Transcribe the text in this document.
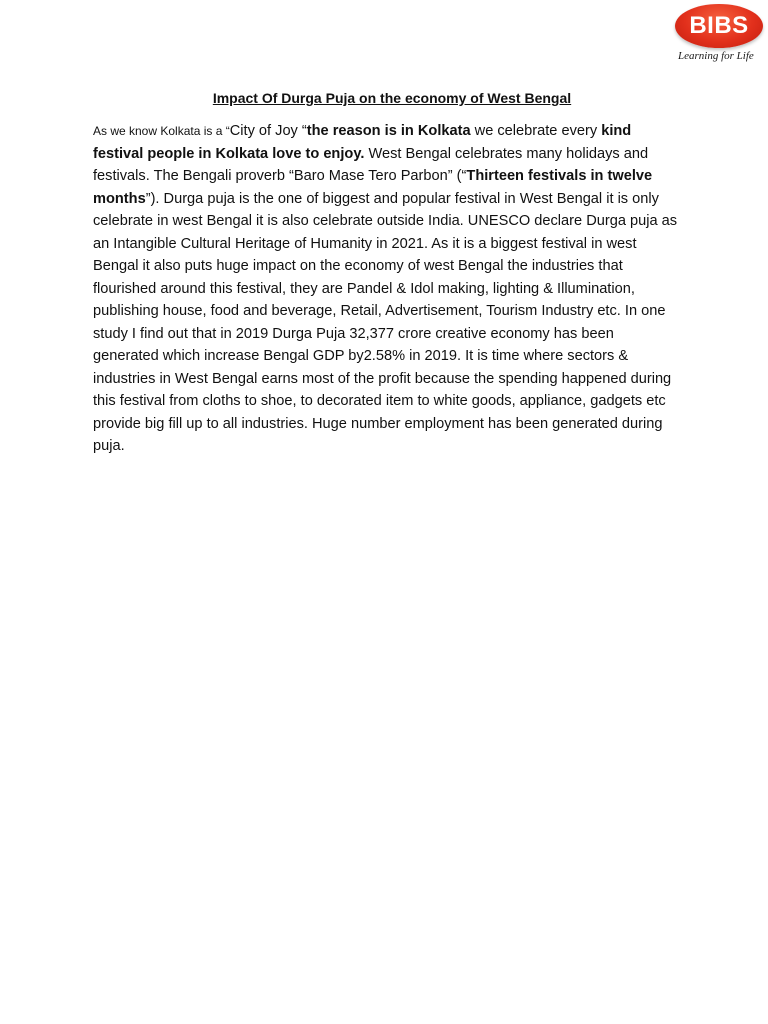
BIBS
Learning for Life
Impact Of Durga Puja on the economy of West Bengal
As we know Kolkata is a “City of Joy “the reason is in Kolkata we celebrate every kind festival people in Kolkata love to enjoy. West Bengal celebrates many holidays and festivals. The Bengali proverb “Baro Mase Tero Parbon” (“Thirteen festivals in twelve months”). Durga puja is the one of biggest and popular festival in West Bengal it is only celebrate in west Bengal it is also celebrate outside India. UNESCO declare Durga puja as an Intangible Cultural Heritage of Humanity in 2021. As it is a biggest festival in west Bengal it also puts huge impact on the economy of west Bengal the industries that flourished around this festival, they are Pandel & Idol making, lighting & Illumination, publishing house, food and beverage, Retail, Advertisement, Tourism Industry etc. In one study I find out that in 2019 Durga Puja 32,377 crore creative economy has been generated which increase Bengal GDP by2.58% in 2019. It is time where sectors & industries in West Bengal earns most of the profit because the spending happened during this festival from cloths to shoe, to decorated item to white goods, appliance, gadgets etc provide big fill up to all industries. Huge number employment has been generated during puja.
